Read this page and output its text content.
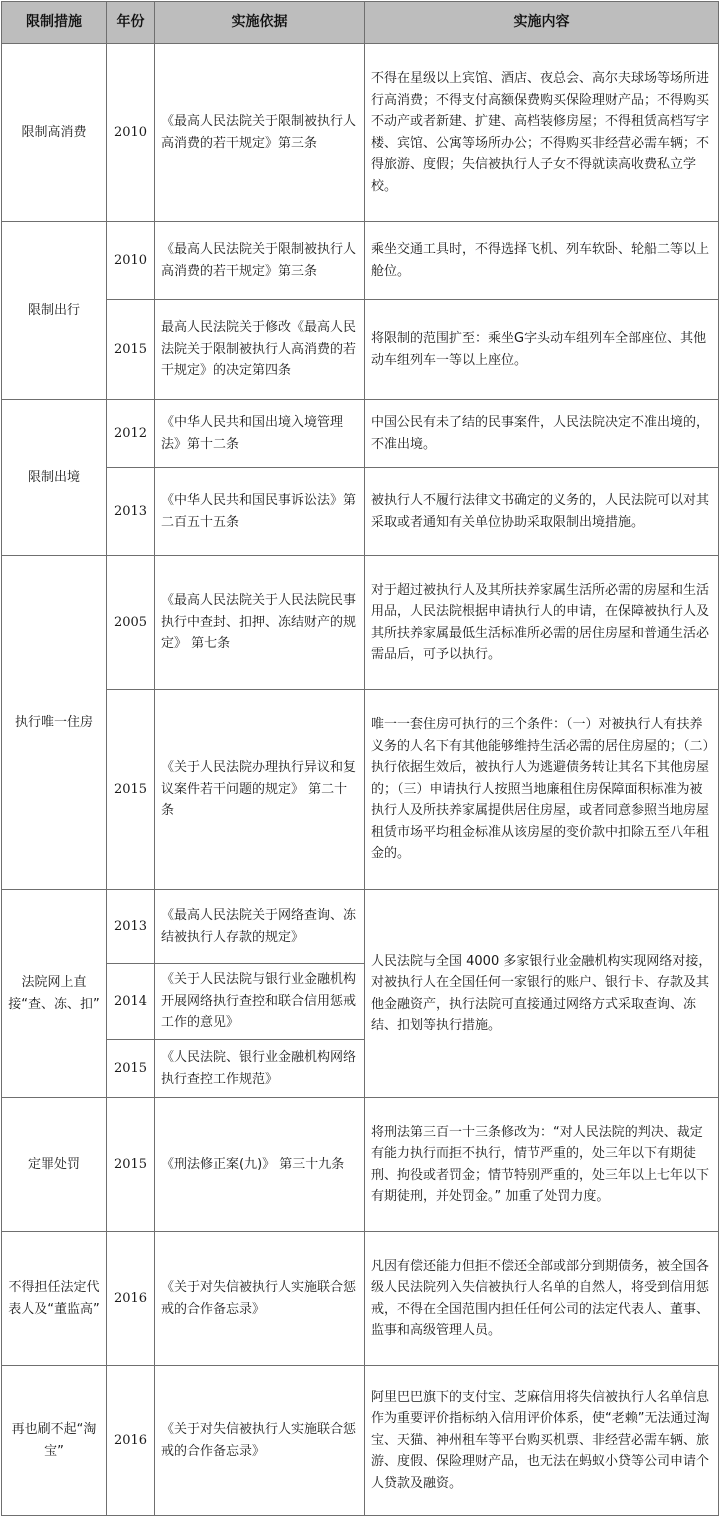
限制措施	年份	实施依据	实施内容
限制高消费	2010	《最高人民法院关于限制被执行人高消费的若干规定》第三条	不得在星级以上宾馆、酒店、夜总会、高尔夫球场等场所进行高消费；不得支付高额保费购买保险理财产品；不得购买不动产或者新建、扩建、高档装修房屋；不得租赁高档写字楼、宾馆、公寓等场所办公；不得购买非经营必需车辆；不得旅游、度假；失信被执行人子女不得就读高收费私立学校。
限制出行	2010	《最高人民法院关于限制被执行人高消费的若干规定》第三条	乘坐交通工具时，不得选择飞机、列车软卧、轮船二等以上舱位。
	2015	最高人民法院关于修改《最高人民法院关于限制被执行人高消费的若干规定》的决定第四条	将限制的范围扩至：乘坐G字头动车组列车全部座位、其他动车组列车一等以上座位。
限制出境	2012	《中华人民共和国出境入境管理法》第十二条	中国公民有未了结的民事案件，人民法院决定不准出境的，不准出境。
	2013	《中华人民共和国民事诉讼法》第二百五十五条	被执行人不履行法律文书确定的义务的，人民法院可以对其采取或者通知有关单位协助采取限制出境措施。
执行唯一住房	2005	《最高人民法院关于人民法院民事执行中查封、扣押、冻结财产的规定》 第七条	对于超过被执行人及其所扶养家属生活所必需的房屋和生活用品，人民法院根据申请执行人的申请，在保障被执行人及其所扶养家属最低生活标准所必需的居住房屋和普通生活必需品后，可予以执行。
	2015	《关于人民法院办理执行异议和复议案件若干问题的规定》 第二十条	唯一一套住房可执行的三个条件：（一）对被执行人有扶养义务的人名下有其他能够维持生活必需的居住房屋的；（二）执行依据生效后，被执行人为逃避债务转让其名下其他房屋的；（三）申请执行人按照当地廉租住房保障面积标准为被执行人及所扶养家属提供居住房屋，或者同意参照当地房屋租赁市场平均租金标准从该房屋的变价款中扣除五至八年租金的。
法院网上直接“查、冻、扣”	2013	《最高人民法院关于网络查询、冻结被执行人存款的规定》	人民法院与全国 4000 多家银行业金融机构实现网络对接，对被执行人在全国任何一家银行的账户、银行卡、存款及其他金融资产，执行法院可直接通过网络方式采取查询、冻结、扣划等执行措施。
	2014	《关于人民法院与银行业金融机构开展网络执行查控和联合信用惩戒工作的意见》	
	2015	《人民法院、银行业金融机构网络执行查控工作规范》	
定罪处罚	2015	《刑法修正案(九)》 第三十九条	将刑法第三百一十三条修改为：“对人民法院的判决、裁定有能力执行而拒不执行，情节严重的，处三年以下有期徒刑、拘役或者罚金；情节特别严重的，处三年以上七年以下有期徒刑，并处罚金。” 加重了处罚力度。
不得担任法定代表人及“董监高”	2016	《关于对失信被执行人实施联合惩戒的合作备忘录》	凡因有偿还能力但拒不偿还全部或部分到期债务，被全国各级人民法院列入失信被执行人名单的自然人，将受到信用惩戒，不得在全国范围内担任任何公司的法定代表人、董事、监事和高级管理人员。
再也刷不起“淘宝”	2016	《关于对失信被执行人实施联合惩戒的合作备忘录》	阿里巴巴旗下的支付宝、芝麻信用将失信被执行人名单信息作为重要评价指标纳入信用评价体系，使“老赖”无法通过淘宝、天猫、神州租车等平台购买机票、非经营必需车辆、旅游、度假、保险理财产品，也无法在蚂蚁小贷等公司申请个人贷款及融资。
